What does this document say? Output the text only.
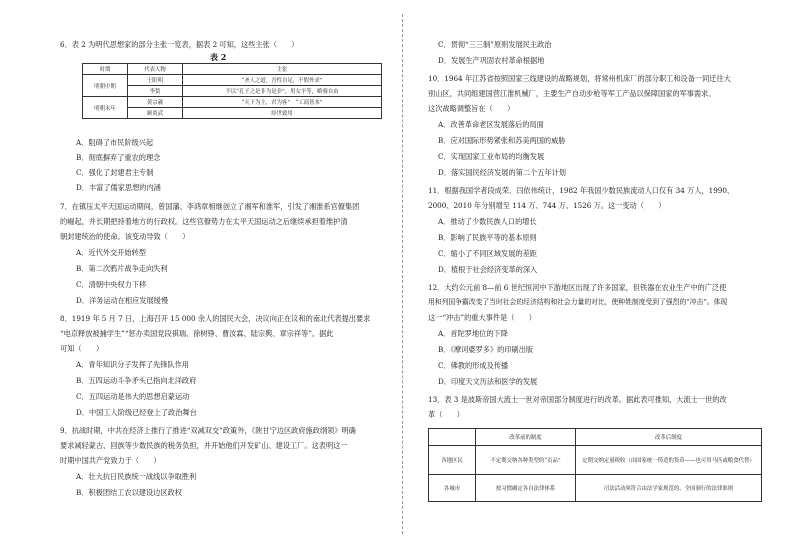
6．表 2 为明代思想家的部分主张一览表，据表 2 可知，这些主张（　　）
表 2
时期	代表人物	主张
明朝中期	王阳明	“圣人之道，吾性自足，不假外求”
	李贽	不以“孔子之是非为是非”，男女平等，略骑自由
明朝末年	黄宗羲	“天下为主，君为客”　“工商皆本”
	顾炎武	经世致用
A．阻碍了市民阶级兴起
B．彻底摒弃了重农的理念
C．强化了封建君主专制
D．丰富了儒家思想的内涵
7．在镇压太平天国运动期间，曾国藩、李鸿章相继创立了湘军和淮军，引发了湘淮系官僚集团
的崛起，并长期把持着地方的行政权。这些官僚势力在太平天国运动之后继续承担着维护清
朝封建统治的使命。该变动导致（　　）
A．近代外交开始转型
B．第二次鸦片战争走向失利
C．清朝中央权力下移
D．洋务运动在相应发展缓慢
8．1919 年 5 月 7 日，上海召开 15 000 余人的国民大会，决议向正在议和的南北代表提出要求
“电京释放被捕学生”“惩办卖国党段祺瑞、徐树铮、曹汝霖、陆宗舆、章宗祥等”。据此
可知（　　）
A．青年知识分子发挥了先锋队作用
B．五四运动斗争矛头已指向北洋政府
C．五四运动是伟大的思想启蒙运动
D．中国工人阶级已经登上了政治舞台
9．抗战时期，中共在经济上推行了推进“双减双交”政策外，《陕甘宁边区政府施政纲领》明确
要求减轻蒙古、回族等少数民族的税务负担，并开始他们开发矿山、建设工厂。这表明这一
时期中国共产党致力于（　　）
A．壮大抗日民族统一战线以争取胜利
B．积极团结工农以建设边区政权
C．贯彻“三三制”原则发展民主政治
D．发展生产巩固农村革命根据地
10．1964 年江苏省按照国家三线建设的战略规划，将常州机床厂的部分职工和设备一同迁往大
别山区，共同组建国营江淮机械厂，主要生产自动步枪等军工产品以保障国家的军事需求。
这次战略调整旨在（　　）
A．改善革命老区发展落后的局面
B．应对国际形势紧张和苏美两国的威胁
C．实现国家工业布局的均衡发展
D．落实国民经济发展的第二个五年计划
11．根据我国学者段成荣、闫依伟统计，1982 年我国少数民族流动人口仅有 34 万人，1990、
2000、2010 年分别增至 114 万、744 万、1526 万。这一变动（　　）
A．推动了少数民族人口的增长
B．影响了民族平等的基本原则
C．缩小了不同区域发展的差距
D．植根于社会经济变革的深入
12．大约公元前 8—前 6 世纪恒河中下游地区出现了许多国家，但铁器在农业生产中的广泛使
用和列国争霸改变了当时社会的经济结构和社会力量的对比，使种姓制度受到了强烈的“冲击”。体现
这一“冲击”的重大事件是（　　）
A．首陀罗地位的下降
B．《摩诃婆罗多》的印刷出版
C．佛教的形成及传播
D．印度天文历法和医学的发展
13．表 3 是波斯帝国大流士一世对帝国部分制度进行的改革。据此表可推知，大流士一世的改
革（　　）
	改革前的制度	改革后制度
各地区民	不定期交纳各种类型的“贡品”	定期交纳定量税收（由国家统一铸造的货币——也可用马匹或粮食代替）
各城市	按习惯确定各自法律体系	司法活动须符合由法学家规范的、全国颁行的法律准则
